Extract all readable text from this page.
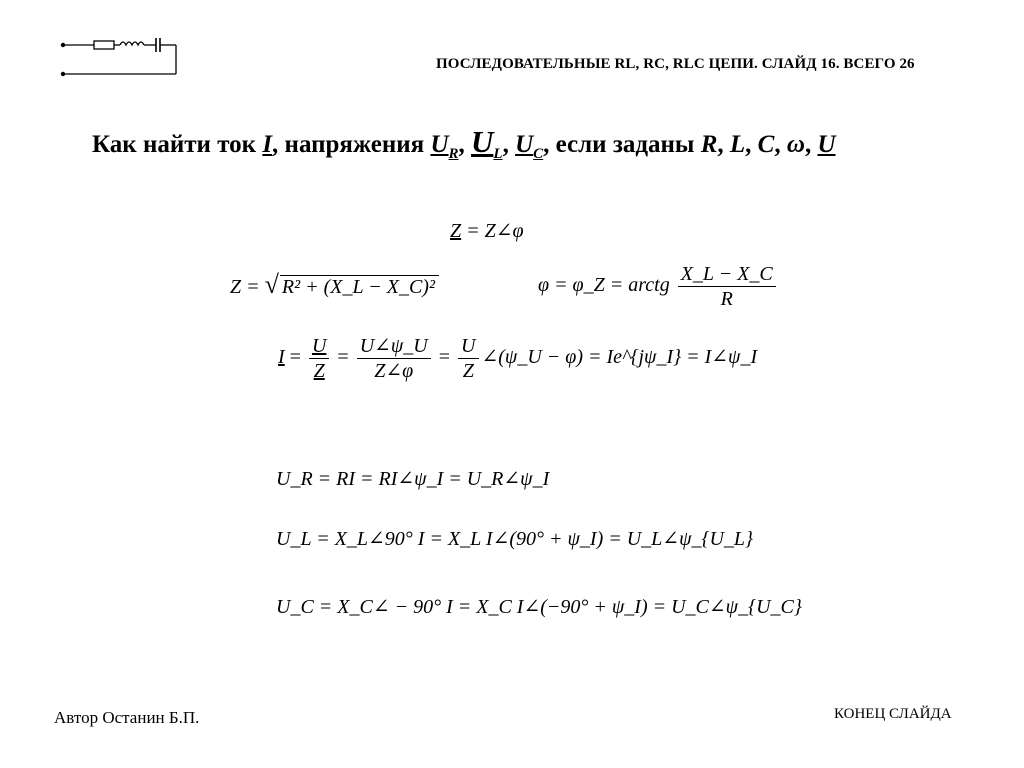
ПОСЛЕДОВАТЕЛЬНЫЕ RL, RC, RLC ЦЕПИ. СЛАЙД 16. ВСЕГО 26
Как найти ток I, напряжения $U_R$, $U_L$, $U_C$, если заданы R, L, C, ω, U
Z = Z∠φ
Z = √ R² + (X_L − X_C)²	φ = φ_Z = arctg $\frac{X\_L - X\_C}{R}$
$I = \frac{U}{Z} = \frac{U\angle\psi\_U}{Z\angle\varphi} = \frac{U}{Z}$ ∠(ψ_U − φ) = Ie^{jψ_I} = I∠ψ_I
U_R = RI = RI∠ψ_I = U_R∠ψ_I
U_L = X_L∠90° I = X_L I∠(90° + ψ_I) = U_L∠ψ_{U_L}
U_C = X_C∠ − 90° I = X_C I∠(−90° + ψ_I) = U_C∠ψ_{U_C}
Автор Останин Б.П.	КОНЕЦ СЛАЙДА
